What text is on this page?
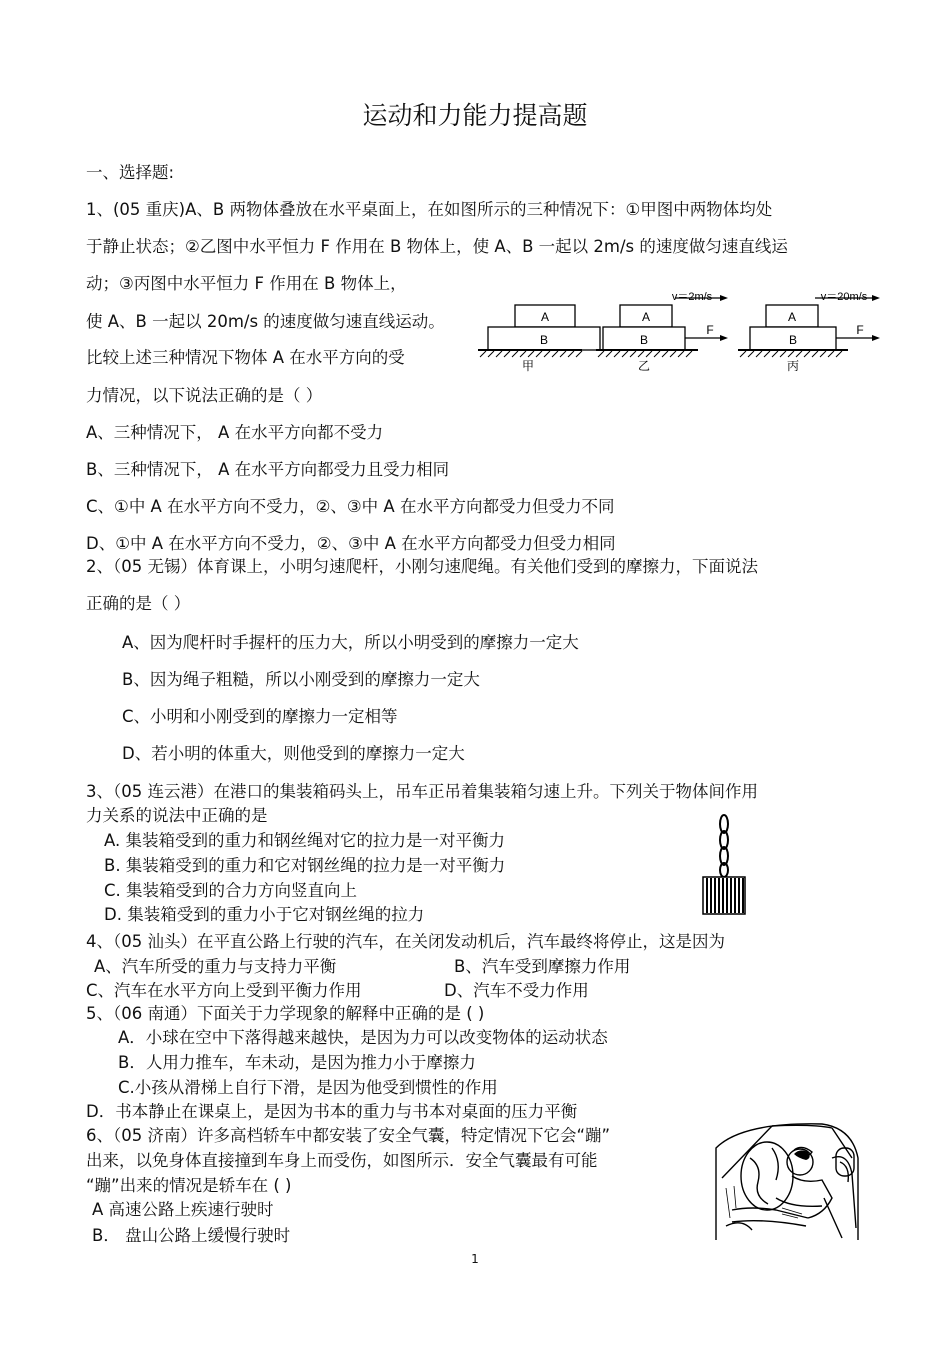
运动和力能力提高题
一、选择题:
1、(05 重庆)A、B 两物体叠放在水平桌面上，在如图所示的三种情况下：①甲图中两物体均处
于静止状态；②乙图中水平恒力 F 作用在 B 物体上，使 A、B 一起以 2m/s 的速度做匀速直线运
动；③丙图中水平恒力 F 作用在 B 物体上，
使 A、B 一起以 20m/s 的速度做匀速直线运动。
比较上述三种情况下物体 A 在水平方向的受
力情况，以下说法正确的是（ ）
A、三种情况下， A 在水平方向都不受力
B、三种情况下， A 在水平方向都受力且受力相同
C、①中 A 在水平方向不受力，②、③中 A 在水平方向都受力但受力不同
D、①中 A 在水平方向不受力，②、③中 A 在水平方向都受力但受力相同
A
B
A
B
A
B
F	F
v＝2m/s	v＝20m/s
甲	乙	丙
2、（05 无锡）体育课上，小明匀速爬杆，小刚匀速爬绳。有关他们受到的摩擦力，下面说法
正确的是（ ）
A、因为爬杆时手握杆的压力大，所以小明受到的摩擦力一定大
B、因为绳子粗糙，所以小刚受到的摩擦力一定大
C、小明和小刚受到的摩擦力一定相等
D、若小明的体重大，则他受到的摩擦力一定大
3、（05 连云港）在港口的集装箱码头上，吊车正吊着集装箱匀速上升。下列关于物体间作用
力关系的说法中正确的是
A. 集装箱受到的重力和钢丝绳对它的拉力是一对平衡力
B. 集装箱受到的重力和它对钢丝绳的拉力是一对平衡力
C. 集装箱受到的合力方向竖直向上
D. 集装箱受到的重力小于它对钢丝绳的拉力
4、（05 汕头）在平直公路上行驶的汽车，在关闭发动机后，汽车最终将停止，这是因为
A、汽车所受的重力与支持力平衡	B、汽车受到摩擦力作用
C、汽车在水平方向上受到平衡力作用	D、汽车不受力作用
5、（06 南通）下面关于力学现象的解释中正确的是 ( )
A．小球在空中下落得越来越快，是因为力可以改变物体的运动状态
B．人用力推车，车未动，是因为推力小于摩擦力
C.小孩从滑梯上自行下滑，是因为他受到惯性的作用
D．书本静止在课桌上，是因为书本的重力与书本对桌面的压力平衡
6、（05 济南）许多高档轿车中都安装了安全气囊，特定情况下它会“蹦”
出来，以免身体直接撞到车身上而受伤，如图所示．安全气囊最有可能
“蹦”出来的情况是轿车在 ( )
A 高速公路上疾速行驶时
B． 盘山公路上缓慢行驶时
1
